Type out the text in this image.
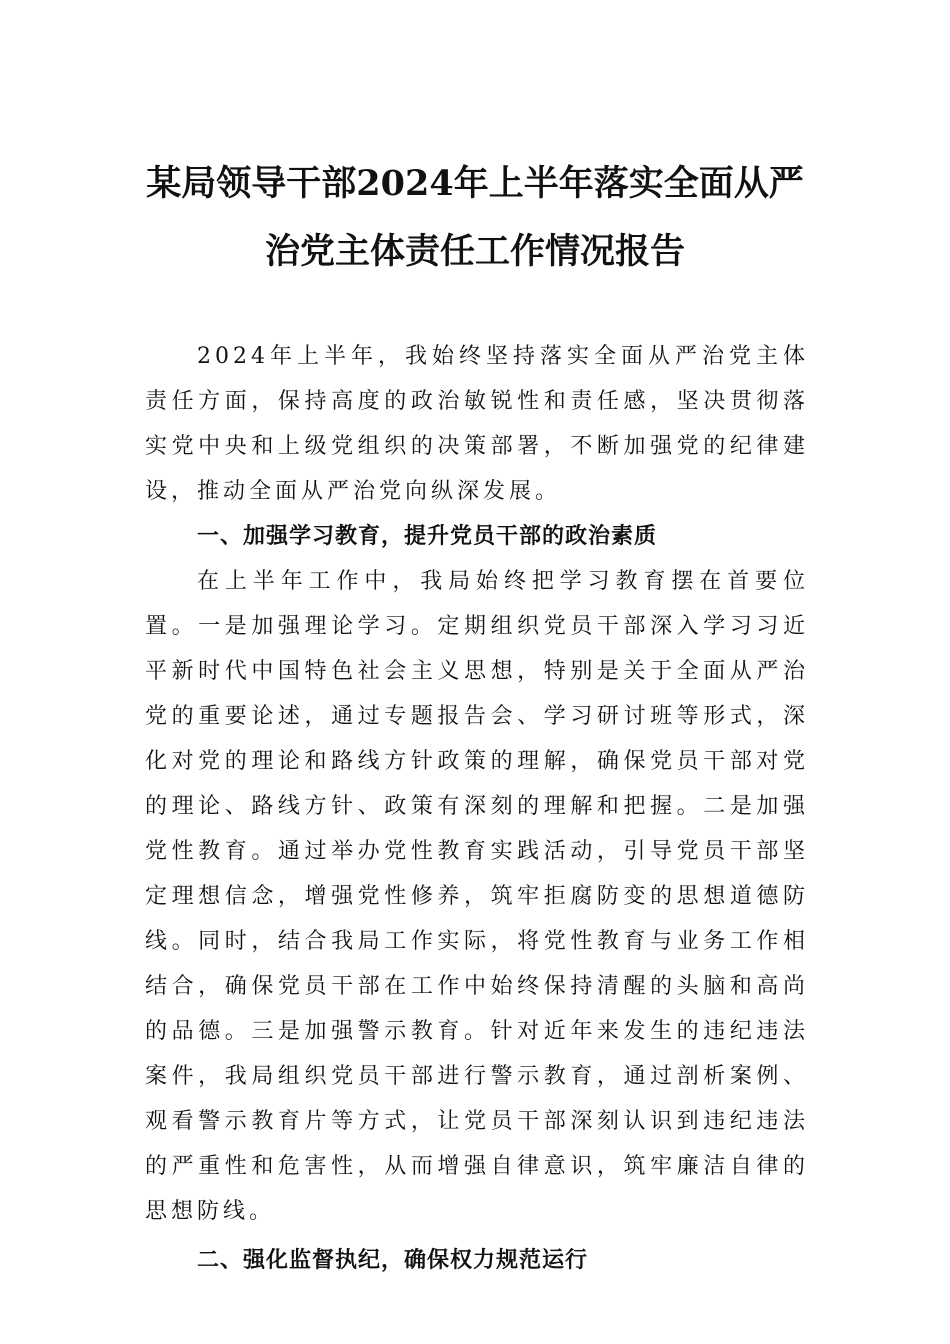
某局领导干部2024年上半年落实全面从严
治党主体责任工作情况报告

2024年上半年，我始终坚持落实全面从严治党主体责任方面，保持高度的政治敏锐性和责任感，坚决贯彻落实党中央和上级党组织的决策部署，不断加强党的纪律建设，推动全面从严治党向纵深发展。

一、加强学习教育，提升党员干部的政治素质

在上半年工作中，我局始终把学习教育摆在首要位置。一是加强理论学习。定期组织党员干部深入学习习近平新时代中国特色社会主义思想，特别是关于全面从严治党的重要论述，通过专题报告会、学习研讨班等形式，深化对党的理论和路线方针政策的理解，确保党员干部对党的理论、路线方针、政策有深刻的理解和把握。二是加强党性教育。通过举办党性教育实践活动，引导党员干部坚定理想信念，增强党性修养，筑牢拒腐防变的思想道德防线。同时，结合我局工作实际，将党性教育与业务工作相结合，确保党员干部在工作中始终保持清醒的头脑和高尚的品德。三是加强警示教育。针对近年来发生的违纪违法案件，我局组织党员干部进行警示教育，通过剖析案例、观看警示教育片等方式，让党员干部深刻认识到违纪违法的严重性和危害性，从而增强自律意识，筑牢廉洁自律的思想防线。

二、强化监督执纪，确保权力规范运行
